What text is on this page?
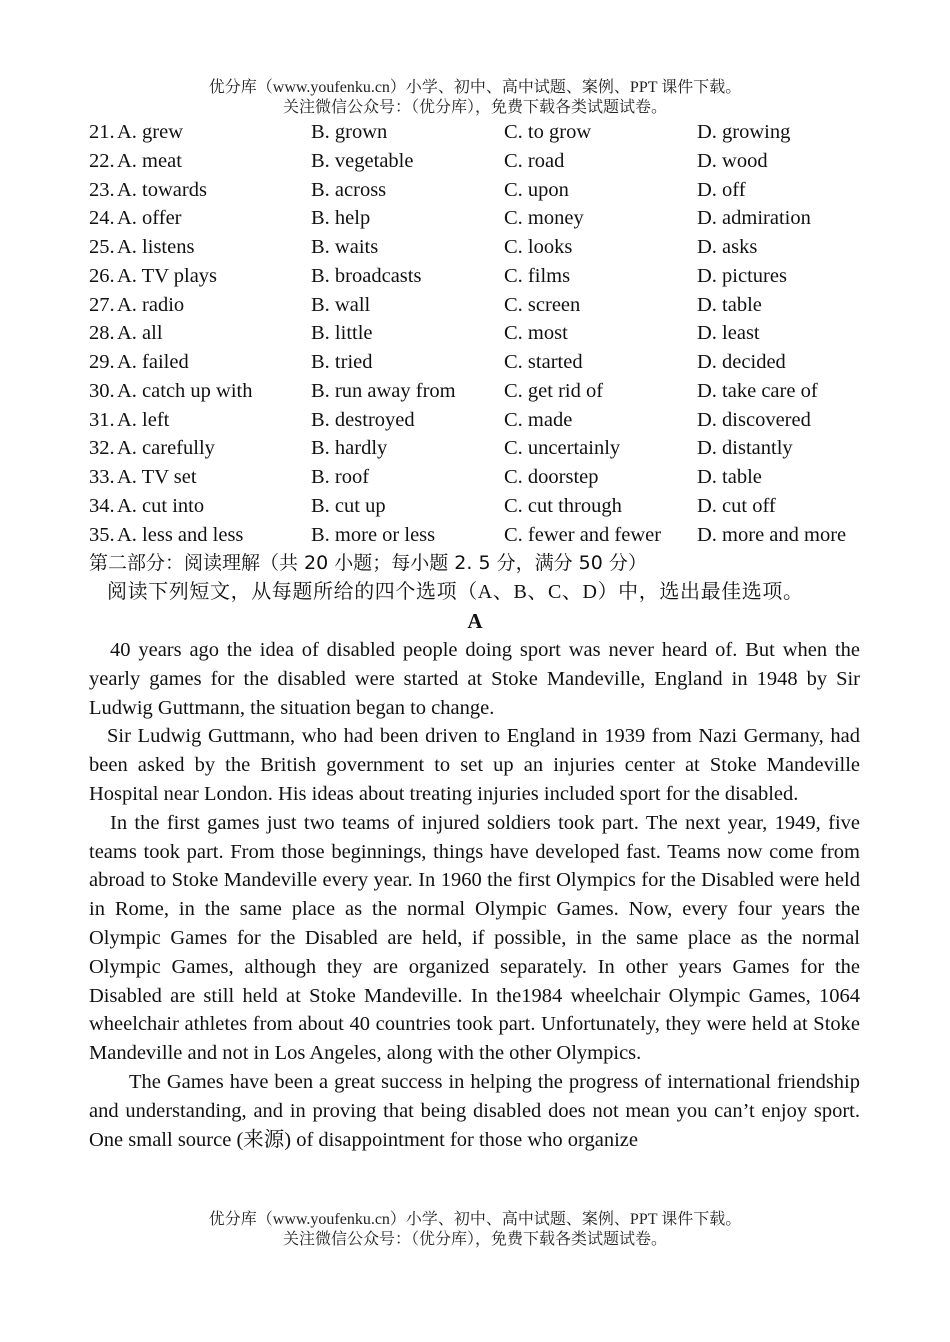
优分库（www.youfenku.cn）小学、初中、高中试题、案例、PPT 课件下载。
关注微信公众号：（优分库），免费下载各类试题试卷。
21. A. grew	B. grown	C. to grow	D. growing
22. A. meat	B. vegetable	C. road	D. wood
23. A. towards	B. across	C. upon	D. off
24. A. offer	B. help	C. money	D. admiration
25. A. listens	B. waits	C. looks	D. asks
26. A. TV plays	B. broadcasts	C. films	D. pictures
27. A. radio	B. wall	C. screen	D. table
28. A. all	B. little	C. most	D. least
29. A. failed	B. tried	C. started	D. decided
30. A. catch up with	B. run away from C. get rid of	D. take care of
31. A. left	B. destroyed	C. made	D. discovered
32. A. carefully	B. hardly	C. uncertainly	D. distantly
33. A. TV set	B. roof	C. doorstep	D. table
34. A. cut into	B. cut up	C. cut through	D. cut off
35. A. less and less	B. more or less	C. fewer and fewer D. more and more
第二部分：阅读理解（共 20 小题；每小题 2. 5 分，满分 50 分）
阅读下列短文，从每题所给的四个选项（A、B、C、D）中，选出最佳选项。
A

40 years ago the idea of disabled people doing sport was never heard of. But when the yearly games for the disabled were started at Stoke Mandeville, England in 1948 by Sir Ludwig Guttmann, the situation began to change.

Sir Ludwig Guttmann, who had been driven to England in 1939 from Nazi Germany, had been asked by the British government to set up an injuries center at Stoke Mandeville Hospital near London. His ideas about treating injuries included sport for the disabled.

In the first games just two teams of injured soldiers took part. The next year, 1949, five teams took part. From those beginnings, things have developed fast. Teams now come from abroad to Stoke Mandeville every year. In 1960 the first Olympics for the Disabled were held in Rome, in the same place as the normal Olympic Games. Now, every four years the Olympic Games for the Disabled are held, if possible, in the same place as the normal Olympic Games, although they are organized separately. In other years Games for the Disabled are still held at Stoke Mandeville. In the1984 wheelchair Olympic Games, 1064 wheelchair athletes from about 40 countries took part. Unfortunately, they were held at Stoke Mandeville and not in Los Angeles, along with the other Olympics.

The Games have been a great success in helping the progress of international friendship and understanding, and in proving that being disabled does not mean you can’t enjoy sport. One small source (来源) of disappointment for those who organize

优分库（www.youfenku.cn）小学、初中、高中试题、案例、PPT 课件下载。
关注微信公众号：（优分库），免费下载各类试题试卷。
